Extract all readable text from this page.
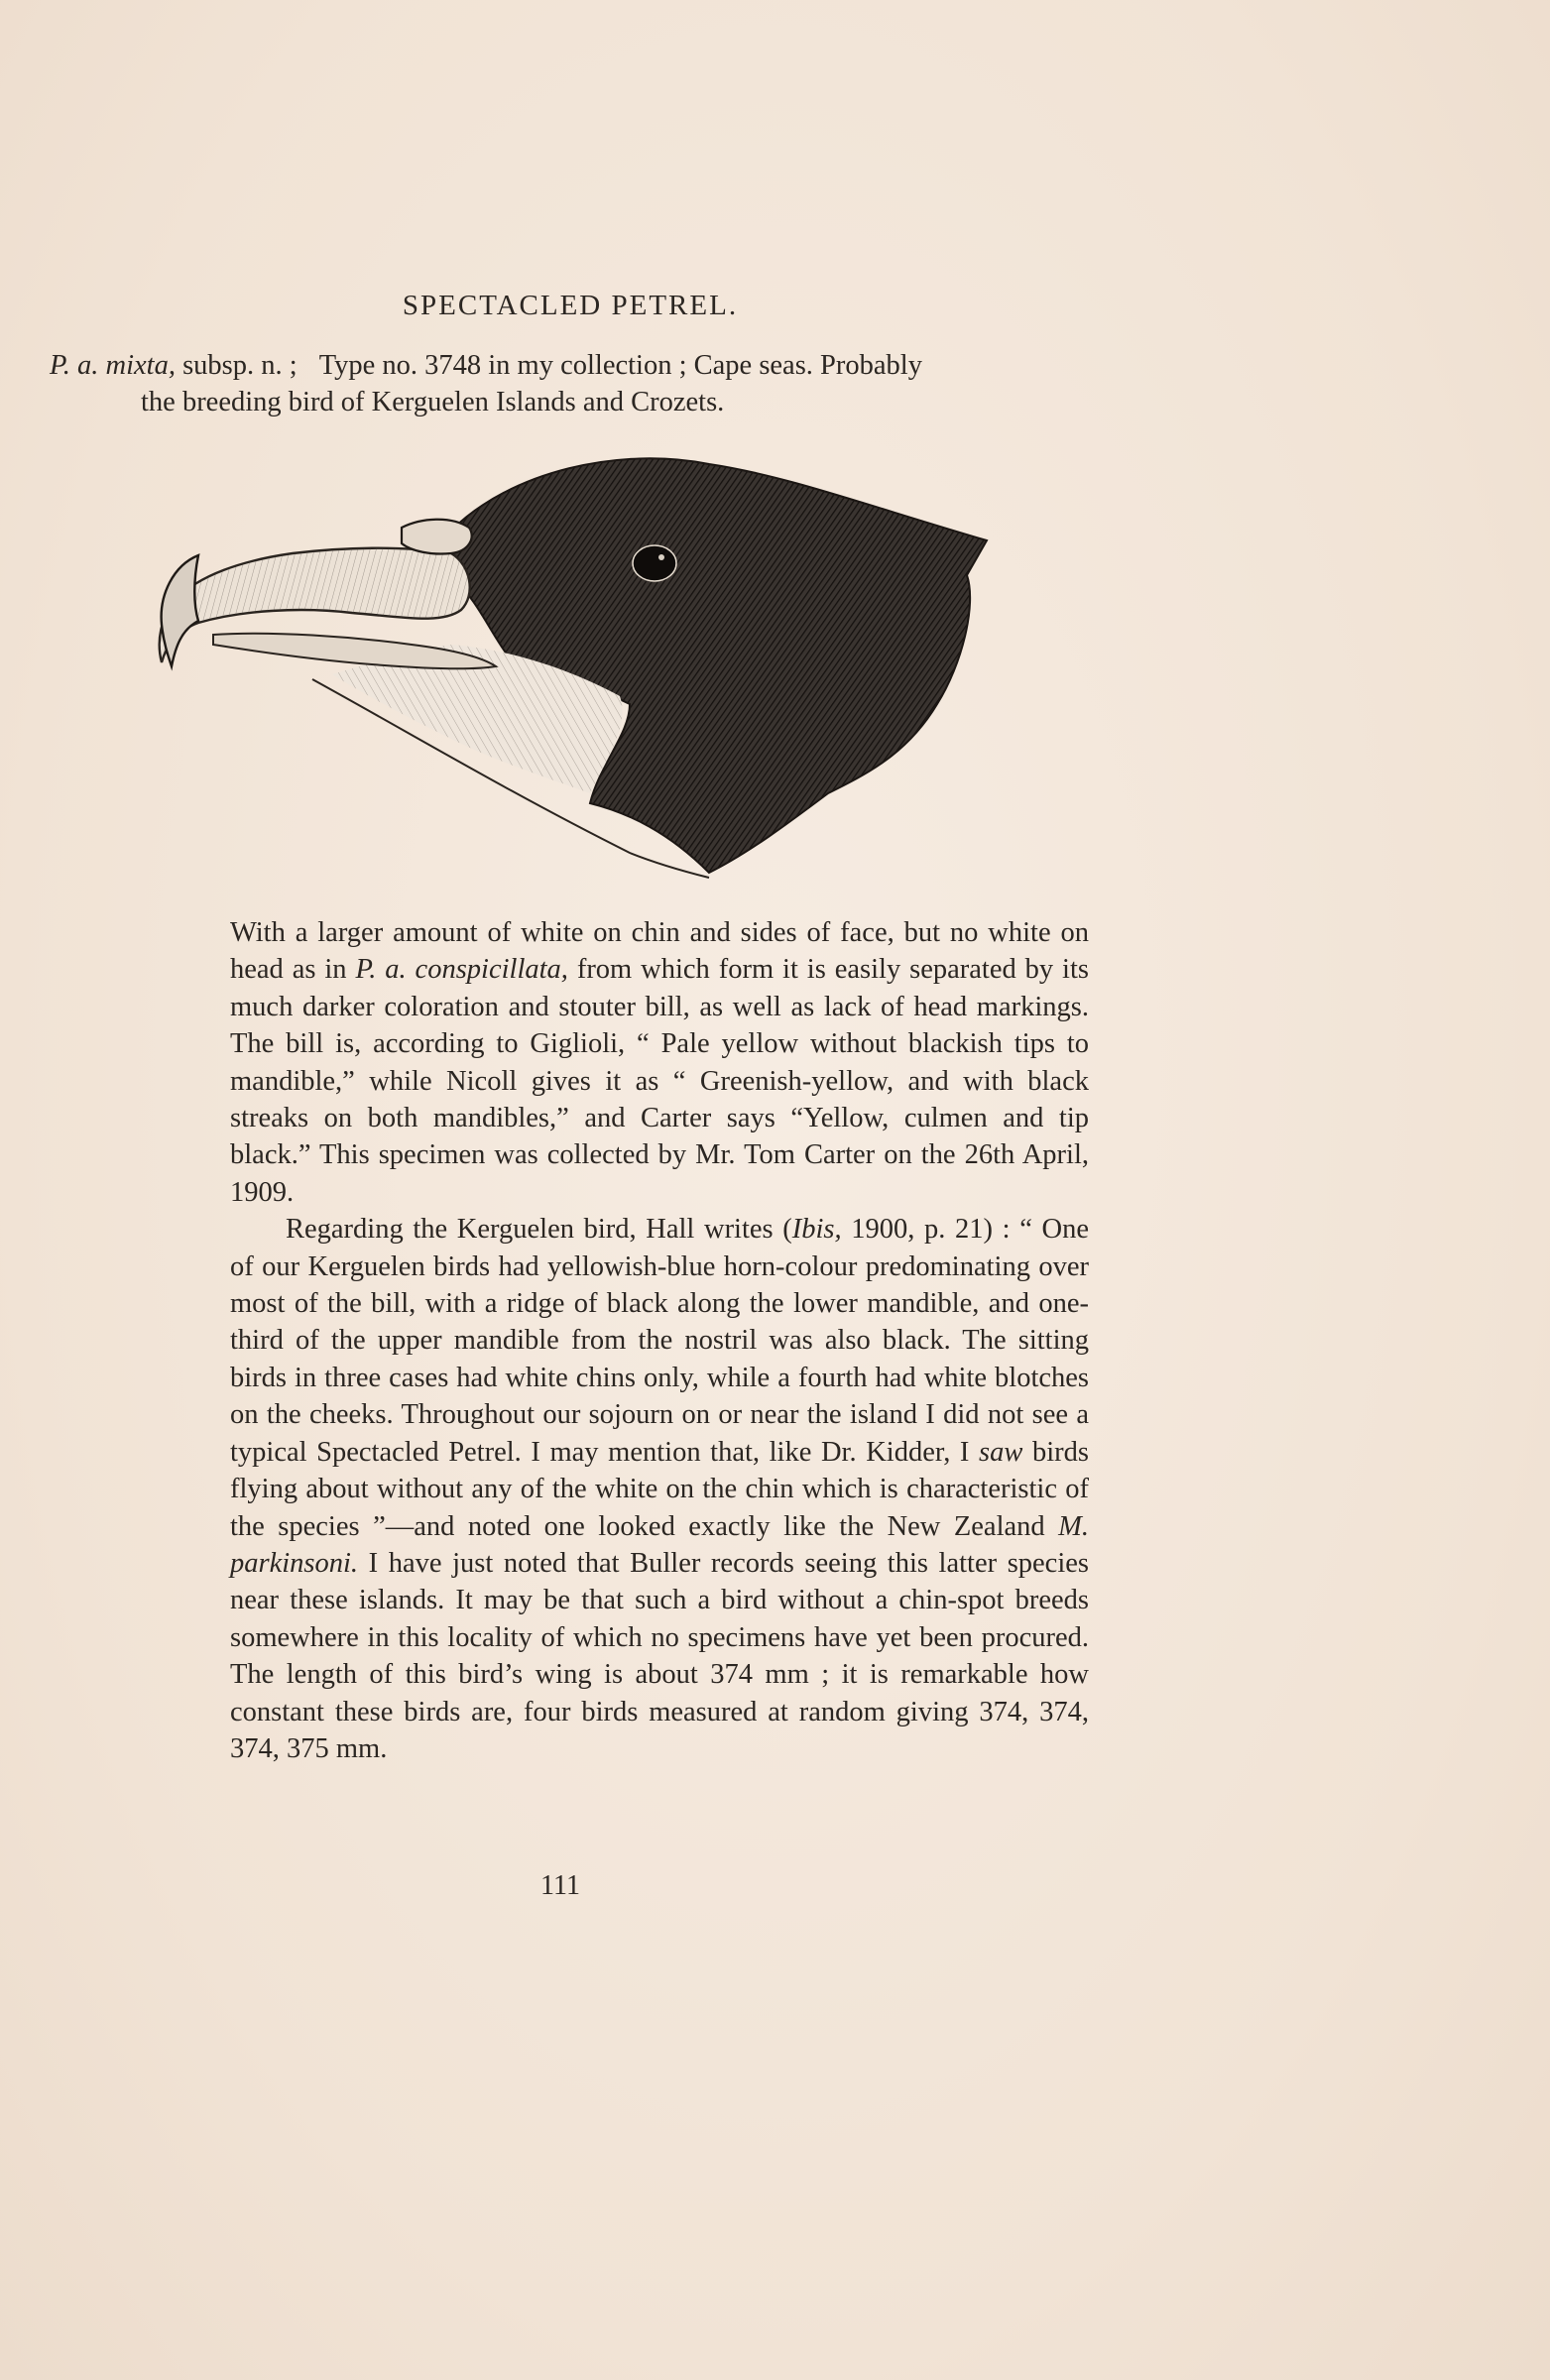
SPECTACLED PETREL.
P. a. mixta, subsp. n. ; Type no. 3748 in my collection ; Cape seas. Probably
the breeding bird of Kerguelen Islands and Crozets.

With a larger amount of white on chin and sides of face, but no white on head as in P. a. conspicillata, from which form it is easily separated by its much darker coloration and stouter bill, as well as lack of head markings. The bill is, according to Giglioli, “ Pale yellow without blackish tips to mandible,” while Nicoll gives it as “ Greenish-yellow, and with black streaks on both mandibles,” and Carter says “Yellow, culmen and tip black.” This specimen was collected by Mr. Tom Carter on the 26th April, 1909.

Regarding the Kerguelen bird, Hall writes (Ibis, 1900, p. 21) : “ One of our Kerguelen birds had yellowish-blue horn-colour predominating over most of the bill, with a ridge of black along the lower mandible, and one-third of the upper mandible from the nostril was also black. The sitting birds in three cases had white chins only, while a fourth had white blotches on the cheeks. Throughout our sojourn on or near the island I did not see a typical Spectacled Petrel. I may mention that, like Dr. Kidder, I saw birds flying about without any of the white on the chin which is characteristic of the species ”—and noted one looked exactly like the New Zealand M. parkinsoni. I have just noted that Buller records seeing this latter species near these islands. It may be that such a bird without a chin-spot breeds somewhere in this locality of which no specimens have yet been procured. The length of this bird’s wing is about 374 mm ; it is remarkable how constant these birds are, four birds measured at random giving 374, 374, 374, 375 mm.

111
